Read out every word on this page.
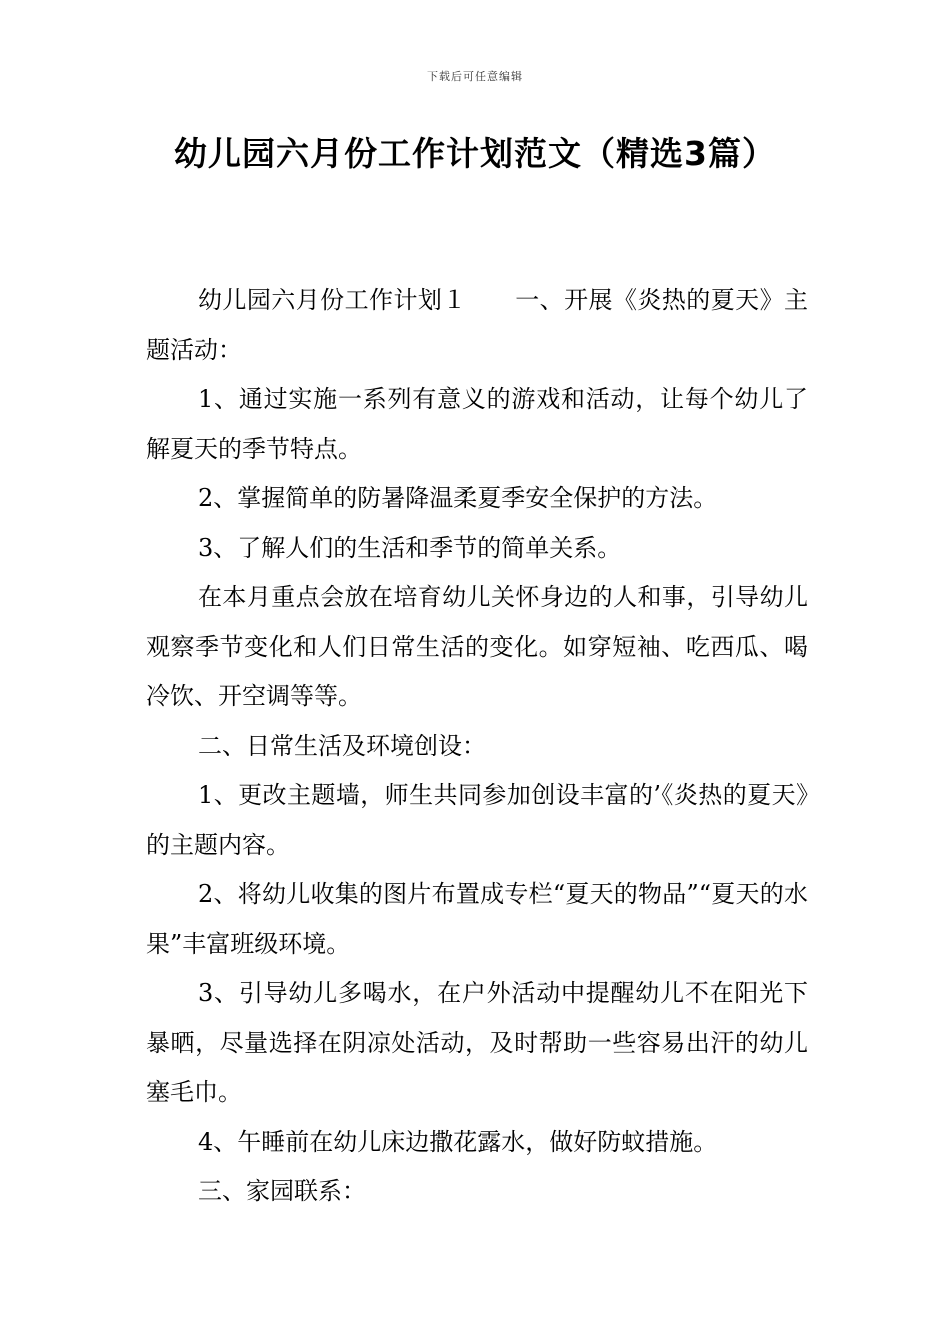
下载后可任意编辑
幼儿园六月份工作计划范文（精选3篇）

幼儿园六月份工作计划１ 一、开展《炎热的夏天》主题活动：

1、通过实施一系列有意义的游戏和活动，让每个幼儿了解夏天的季节特点。

2、掌握简单的防暑降温柔夏季安全保护的方法。

3、了解人们的生活和季节的简单关系。

在本月重点会放在培育幼儿关怀身边的人和事，引导幼儿观察季节变化和人们日常生活的变化。如穿短袖、吃西瓜、喝冷饮、开空调等等。

二、日常生活及环境创设：

1、更改主题墙，师生共同参加创设丰富的’《炎热的夏天》的主题内容。

2、将幼儿收集的图片布置成专栏“夏天的物品”“夏天的水果”丰富班级环境。

3、引导幼儿多喝水，在户外活动中提醒幼儿不在阳光下暴晒，尽量选择在阴凉处活动，及时帮助一些容易出汗的幼儿塞毛巾。

4、午睡前在幼儿床边撒花露水，做好防蚊措施。

三、家园联系：
